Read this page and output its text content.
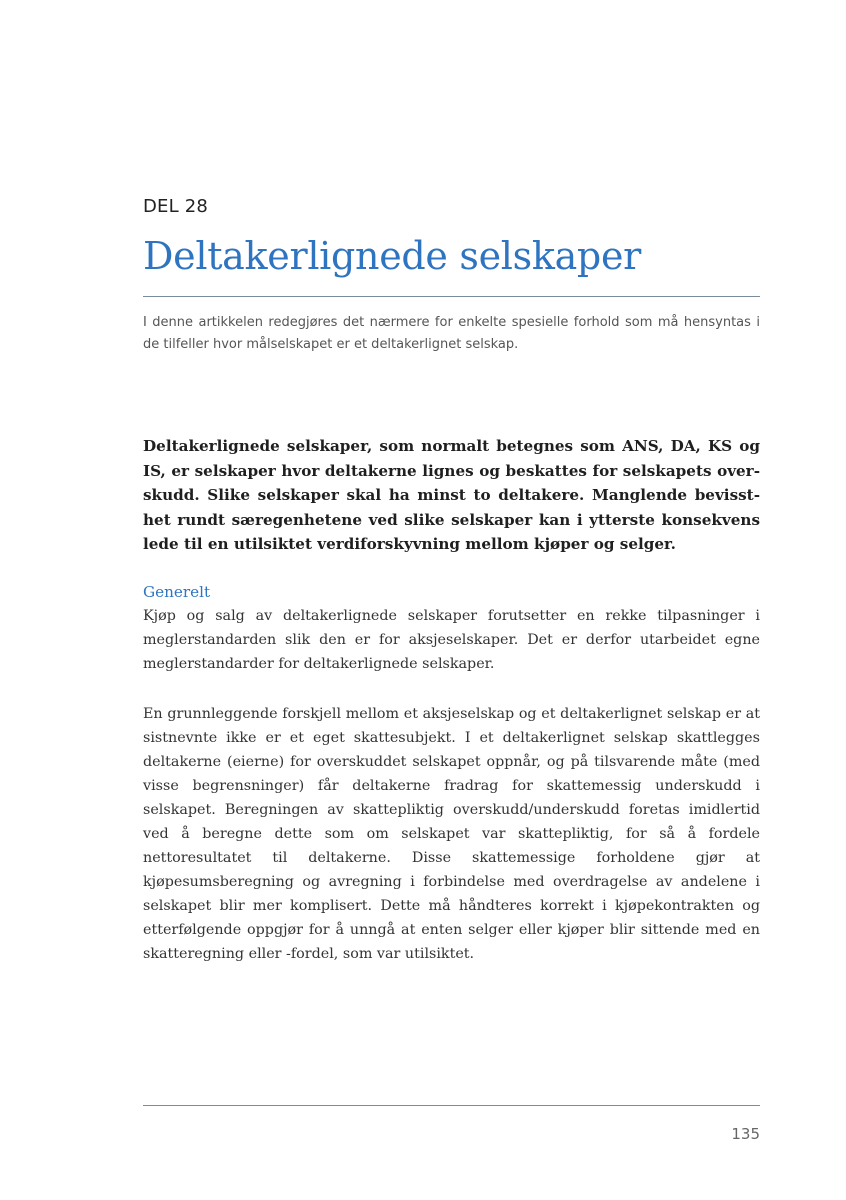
DEL 28
Deltakerlignede selskaper

I denne artikkelen redegjøres det nærmere for enkelte spesielle forhold som må hensyntas i de tilfeller hvor målselskapet er et deltakerlignet selskap.

Deltakerlignede selskaper, som normalt betegnes som ANS, DA, KS og IS, er selskaper hvor deltakerne lignes og beskattes for selskapets overskudd. Slike selskaper skal ha minst to deltakere. Manglende bevissthet rundt særegenhetene ved slike selskaper kan i ytterste konsekvens lede til en utilsiktet verdiforskyvning mellom kjøper og selger.

Generelt

Kjøp og salg av deltakerlignede selskaper forutsetter en rekke tilpasninger i meglerstandarden slik den er for aksjeselskaper. Det er derfor utarbeidet egne meglerstandarder for deltakerlignede selskaper.

En grunnleggende forskjell mellom et aksjeselskap og et deltakerlignet selskap er at sistnevnte ikke er et eget skattesubjekt. I et deltakerlignet selskap skattlegges deltakerne (eierne) for overskuddet selskapet oppnår, og på tilsvarende måte (med visse begrensninger) får deltakerne fradrag for skattemessig underskudd i selskapet. Beregningen av skattepliktig overskudd/underskudd foretas imidlertid ved å beregne dette som om selskapet var skattepliktig, for så å fordele nettoresultatet til deltakerne. Disse skattemessige forholdene gjør at kjøpesumsberegning og avregning i forbindelse med overdragelse av andelene i selskapet blir mer komplisert. Dette må håndteres korrekt i kjøpekontrakten og etterfølgende oppgjør for å unngå at enten selger eller kjøper blir sittende med en skatteregning eller -fordel, som var utilsiktet.

135
